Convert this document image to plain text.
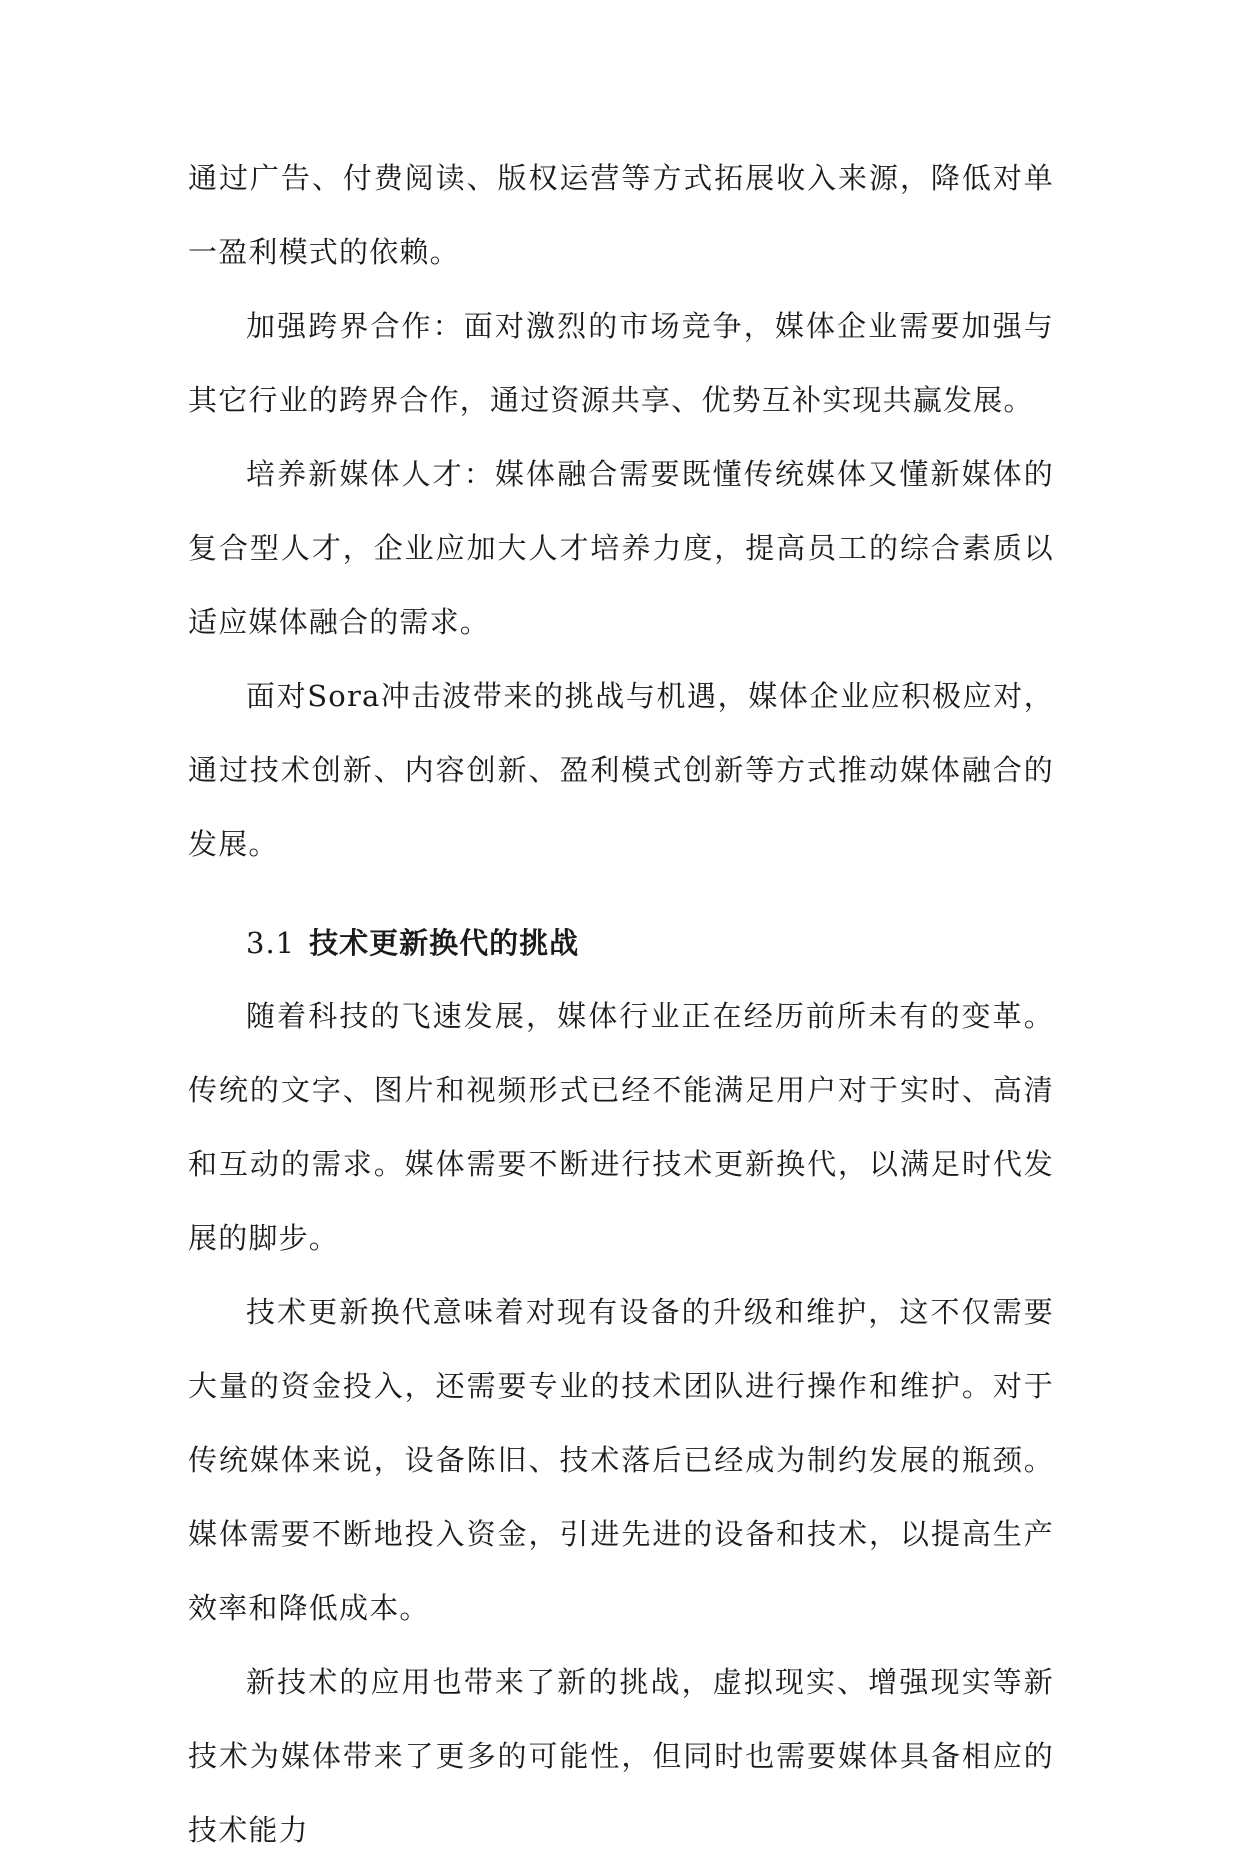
通过广告、付费阅读、版权运营等方式拓展收入来源，降低对单一盈利模式的依赖。

加强跨界合作：面对激烈的市场竞争，媒体企业需要加强与其它行业的跨界合作，通过资源共享、优势互补实现共赢发展。

培养新媒体人才：媒体融合需要既懂传统媒体又懂新媒体的复合型人才，企业应加大人才培养力度，提高员工的综合素质以适应媒体融合的需求。

面对Sora冲击波带来的挑战与机遇，媒体企业应积极应对，通过技术创新、内容创新、盈利模式创新等方式推动媒体融合的发展。

3.1 技术更新换代的挑战

随着科技的飞速发展，媒体行业正在经历前所未有的变革。传统的文字、图片和视频形式已经不能满足用户对于实时、高清和互动的需求。媒体需要不断进行技术更新换代，以满足时代发展的脚步。

技术更新换代意味着对现有设备的升级和维护，这不仅需要大量的资金投入，还需要专业的技术团队进行操作和维护。对于传统媒体来说，设备陈旧、技术落后已经成为制约发展的瓶颈。媒体需要不断地投入资金，引进先进的设备和技术，以提高生产效率和降低成本。

新技术的应用也带来了新的挑战，虚拟现实、增强现实等新技术为媒体带来了更多的可能性，但同时也需要媒体具备相应的技术能力
